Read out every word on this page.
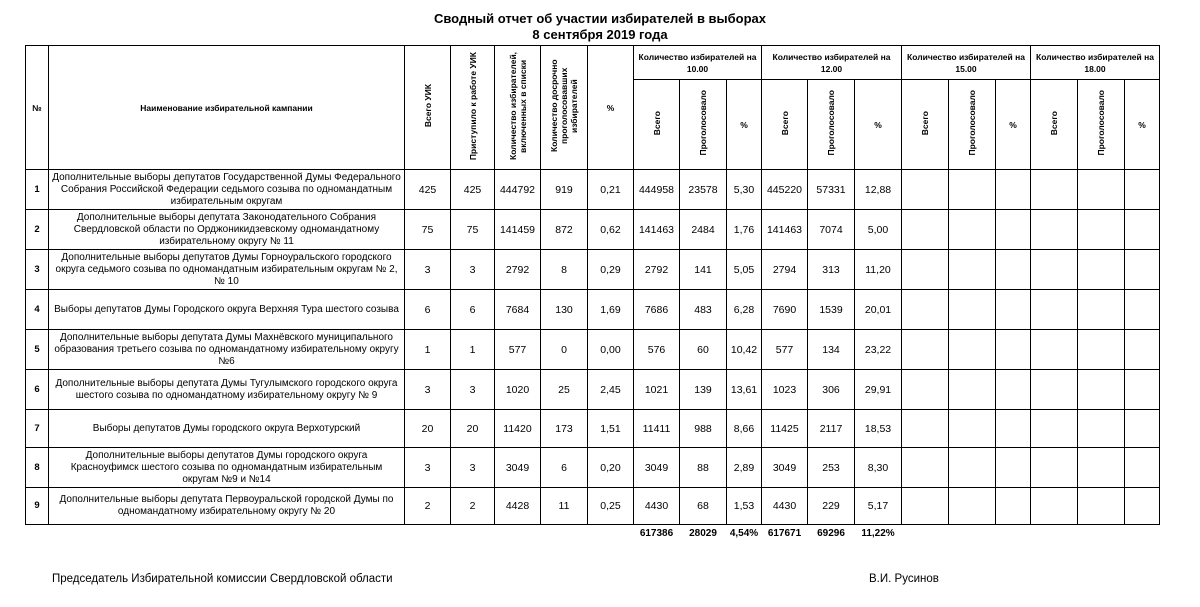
Сводный отчет об участии избирателей в выборах
8 сентября 2019 года
№	Наименование избирательной кампании	Всего УИК	Приступило к работе УИК	Количество избирателей, включенных в списки	Количество досрочно проголосовавших избирателей	%	Количество избирателей на 10.00			Количество избирателей на 12.00			Количество избирателей на 15.00			Количество избирателей на 18.00		
							Всего	Проголосовало	%	Всего	Проголосовало	%	Всего	Проголосовало	%	Всего	Проголосовало	%
1	Дополнительные выборы депутатов Государственной Думы Федерального Собрания Российской Федерации седьмого созыва по одномандатным избирательным округам	425	425	444792	919	0,21	444958	23578	5,30	445220	57331	12,88						
2	Дополнительные выборы депутата Законодательного Собрания Свердловской области по Орджоникидзевскому одномандатному избирательному округу № 11	75	75	141459	872	0,62	141463	2484	1,76	141463	7074	5,00						
3	Дополнительные выборы депутатов Думы Горноуральского городского округа седьмого созыва по одномандатным избирательным округам № 2, № 10	3	3	2792	8	0,29	2792	141	5,05	2794	313	11,20						
4	Выборы депутатов Думы Городского округа Верхняя Тура шестого созыва	6	6	7684	130	1,69	7686	483	6,28	7690	1539	20,01						
5	Дополнительные выборы депутата Думы Махнёвского муниципального образования третьего созыва по одномандатному избирательному округу №6	1	1	577	0	0,00	576	60	10,42	577	134	23,22						
6	Дополнительные выборы депутата Думы Тугулымского городского округа шестого созыва по одномандатному избирательному округу № 9	3	3	1020	25	2,45	1021	139	13,61	1023	306	29,91						
7	Выборы депутатов Думы городского округа Верхотурский	20	20	11420	173	1,51	11411	988	8,66	11425	2117	18,53						
8	Дополнительные выборы депутатов Думы городского округа Красноуфимск шестого созыва по одномандатным избирательным округам №9 и №14	3	3	3049	6	0,20	3049	88	2,89	3049	253	8,30						
9	Дополнительные выборы депутата Первоуральской городской Думы по одномандатному избирательному округу № 20	2	2	4428	11	0,25	4430	68	1,53	4430	229	5,17						
							617386	28029	4,54%	617671	69296	11,22%						
Председатель Избирательной комиссии Свердловской области	В.И. Русинов
